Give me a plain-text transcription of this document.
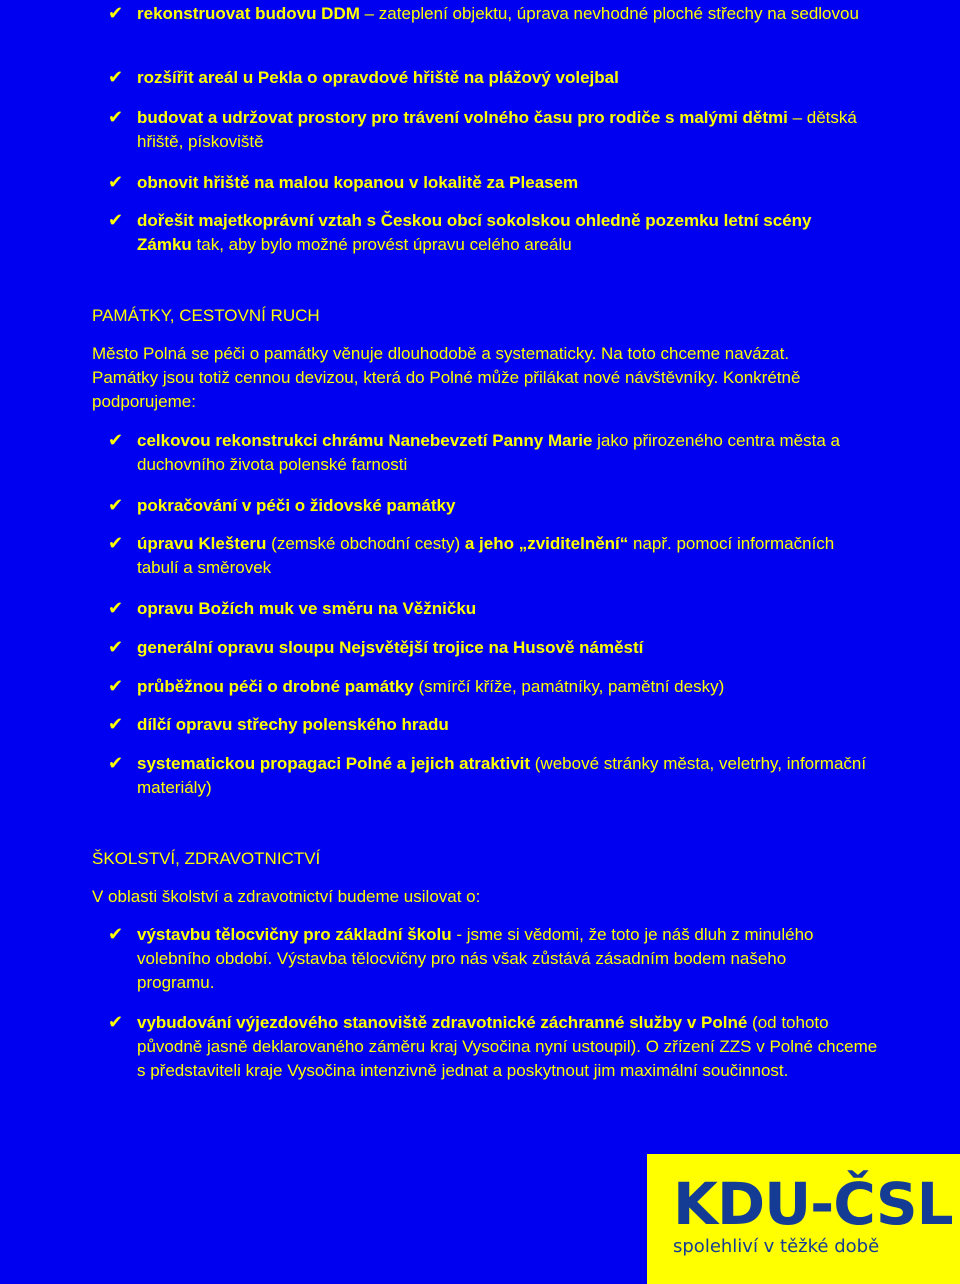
✔ rekonstruovat budovu DDM – zateplení objektu, úprava nevhodné ploché střechy na sedlovou
✔ rozšířit areál u Pekla o opravdové hřiště na plážový volejbal
✔ budovat a udržovat prostory pro trávení volného času pro rodiče s malými dětmi – dětská hřiště, pískoviště
✔ obnovit hřiště na malou kopanou v lokalitě za Pleasem
✔ dořešit majetkoprávní vztah s Českou obcí sokolskou ohledně pozemku letní scény Zámku tak, aby bylo možné provést úpravu celého areálu
PAMÁTKY, CESTOVNÍ RUCH
Město Polná se péči o památky věnuje dlouhodobě a systematicky. Na toto chceme navázat. Památky jsou totiž cennou devizou, která do Polné může přilákat nové návštěvníky. Konkrétně podporujeme:
✔ celkovou rekonstrukci chrámu Nanebevzetí Panny Marie jako přirozeného centra města a duchovního života polenské farnosti
✔ pokračování v péči o židovské památky
✔ úpravu Klešteru (zemské obchodní cesty) a jeho „zviditelnění“ např. pomocí informačních tabulí a směrovek
✔ opravu Božích muk ve směru na Věžničku
✔ generální opravu sloupu Nejsvětější trojice na Husově náměstí
✔ průběžnou péči o drobné památky (smírčí kříže, památníky, pamětní desky)
✔ dílčí opravu střechy polenského hradu
✔ systematickou propagaci Polné a jejich atraktivit (webové stránky města, veletrhy, informační materiály)
ŠKOLSTVÍ, ZDRAVOTNICTVÍ
V oblasti školství a zdravotnictví budeme usilovat o:
✔ výstavbu tělocvičny pro základní školu - jsme si vědomi, že toto je náš dluh z minulého volebního období. Výstavba tělocvičny pro nás však zůstává zásadním bodem našeho programu.
✔ vybudování výjezdového stanoviště zdravotnické záchranné služby v Polné (od tohoto původně jasně deklarovaného záměru kraj Vysočina nyní ustoupil). O zřízení ZZS v Polné chceme s představiteli kraje Vysočina intenzivně jednat a poskytnout jim maximální součinnost.
KDU-ČSL
spolehliví v těžké době
